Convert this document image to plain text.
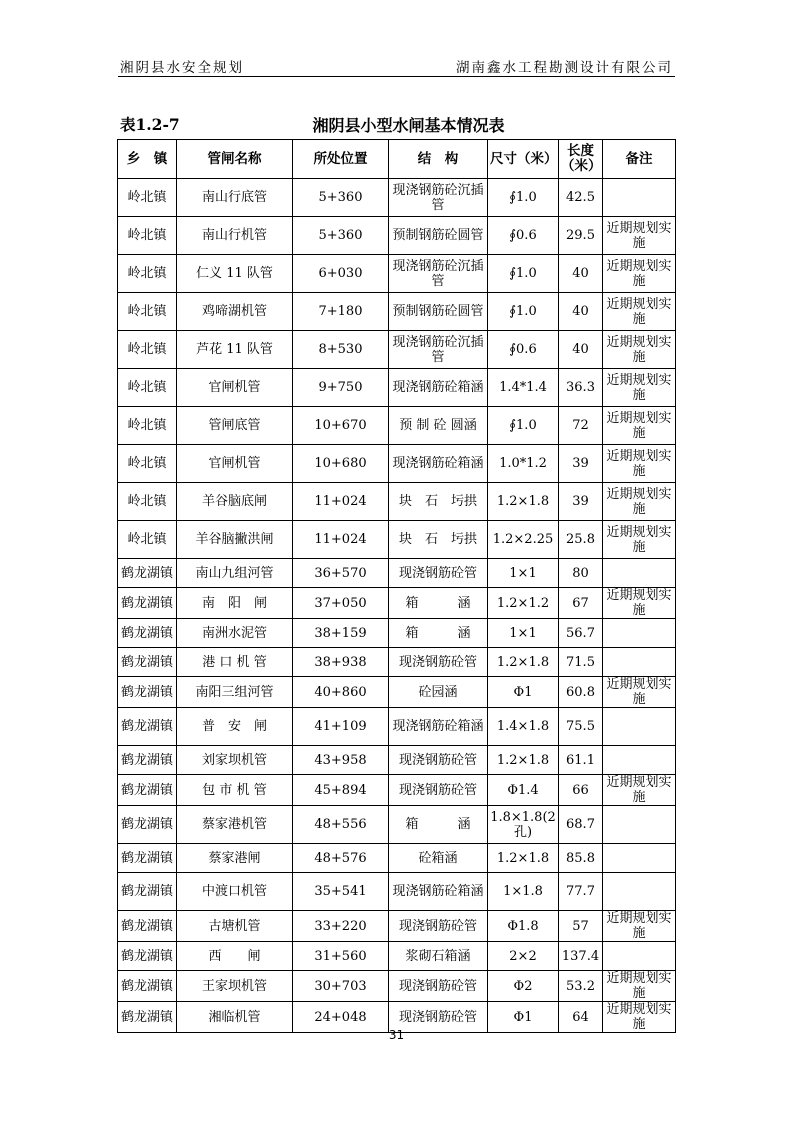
湘阴县水安全规划	湖南鑫水工程勘测设计有限公司
表1.2-7	湘阴县小型水闸基本情况表
乡　镇	管闸名称	所处位置	结　构	尺寸（米）	长度（米）	备注
岭北镇	南山行底管	5+360	现浇钢筋砼沉插管	∮1.0	42.5	
岭北镇	南山行机管	5+360	预制钢筋砼圆管	∮0.6	29.5	近期规划实施
岭北镇	仁义 11 队管	6+030	现浇钢筋砼沉插管	∮1.0	40	近期规划实施
岭北镇	鸡啼湖机管	7+180	预制钢筋砼圆管	∮1.0	40	近期规划实施
岭北镇	芦花 11 队管	8+530	现浇钢筋砼沉插管	∮0.6	40	近期规划实施
岭北镇	官闸机管	9+750	现浇钢筋砼箱涵	1.4*1.4	36.3	近期规划实施
岭北镇	管闸底管	10+670	预 制 砼 圆涵	∮1.0	72	近期规划实施
岭北镇	官闸机管	10+680	现浇钢筋砼箱涵	1.0*1.2	39	近期规划实施
岭北镇	羊谷脑底闸	11+024	块　石　圬拱	1.2×1.8	39	近期规划实施
岭北镇	羊谷脑撇洪闸	11+024	块　石　圬拱	1.2×2.25	25.8	近期规划实施
鹤龙湖镇	南山九组河管	36+570	现浇钢筋砼管	1×1	80	
鹤龙湖镇	南　阳　闸	37+050	箱　　　涵	1.2×1.2	67	近期规划实施
鹤龙湖镇	南洲水泥管	38+159	箱　　　涵	1×1	56.7	
鹤龙湖镇	港 口 机 管	38+938	现浇钢筋砼管	1.2×1.8	71.5	
鹤龙湖镇	南阳三组河管	40+860	砼园涵	Φ1	60.8	近期规划实施
鹤龙湖镇	普　安　闸	41+109	现浇钢筋砼箱涵	1.4×1.8	75.5	
鹤龙湖镇	刘家坝机管	43+958	现浇钢筋砼管	1.2×1.8	61.1	
鹤龙湖镇	包 市 机 管	45+894	现浇钢筋砼管	Φ1.4	66	近期规划实施
鹤龙湖镇	蔡家港机管	48+556	箱　　　涵	1.8×1.8(2孔)	68.7	
鹤龙湖镇	蔡家港闸	48+576	砼箱涵	1.2×1.8	85.8	
鹤龙湖镇	中渡口机管	35+541	现浇钢筋砼箱涵	1×1.8	77.7	
鹤龙湖镇	古塘机管	33+220	现浇钢筋砼管	Φ1.8	57	近期规划实施
鹤龙湖镇	西　　闸	31+560	浆砌石箱涵	2×2	137.4	
鹤龙湖镇	王家坝机管	30+703	现浇钢筋砼管	Φ2	53.2	近期规划实施
鹤龙湖镇	湘临机管	24+048	现浇钢筋砼管	Φ1	64	近期规划实施
31
